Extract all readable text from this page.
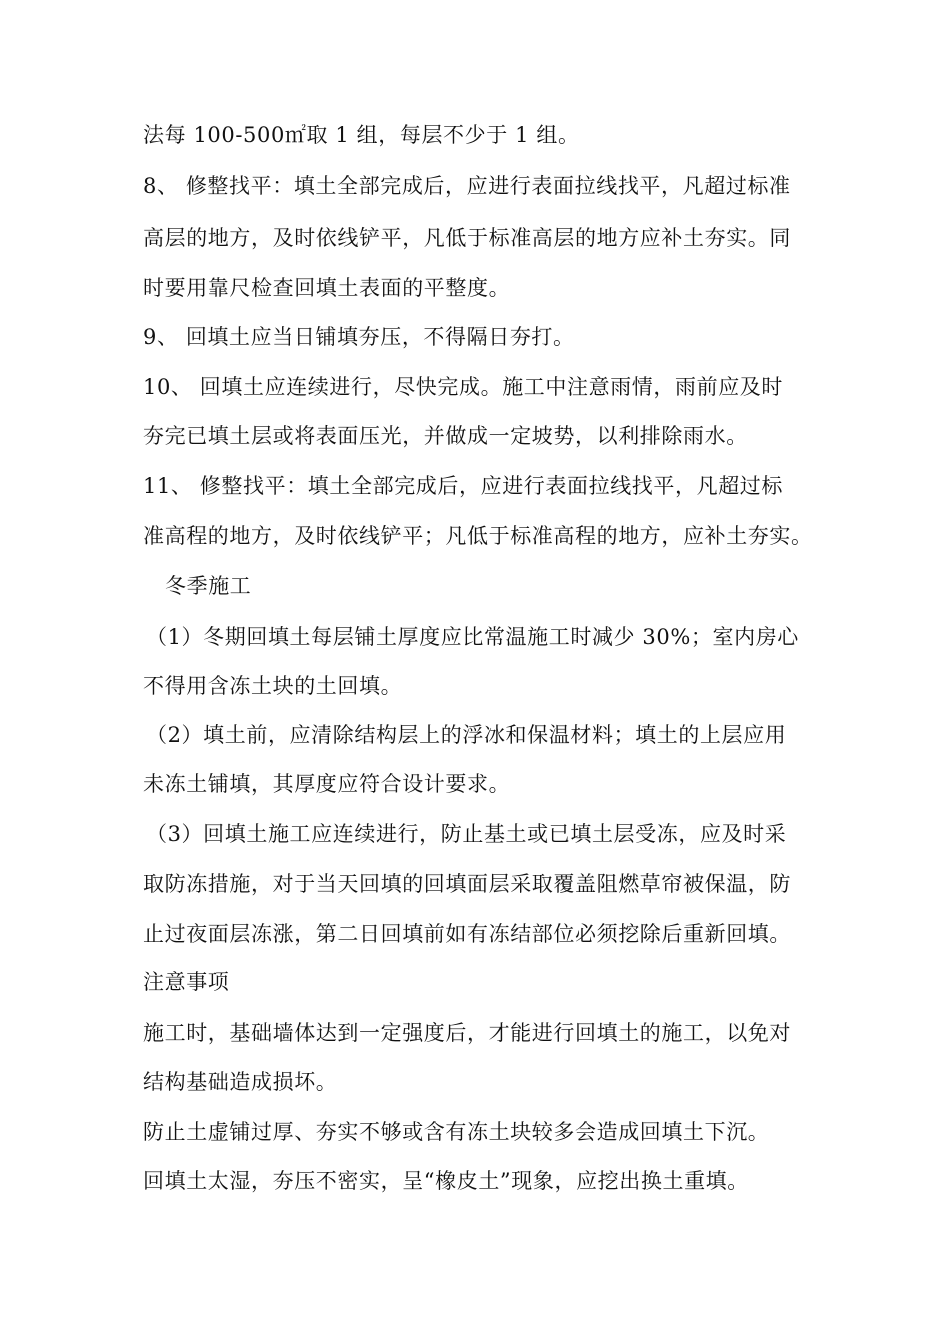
法每 100-500㎡取 1 组，每层不少于 1 组。
8、 修整找平：填土全部完成后，应进行表面拉线找平，凡超过标准
高层的地方，及时依线铲平，凡低于标准高层的地方应补土夯实。同
时要用靠尺检查回填土表面的平整度。
9、 回填土应当日铺填夯压，不得隔日夯打。
10、 回填土应连续进行，尽快完成。施工中注意雨情，雨前应及时
夯完已填土层或将表面压光，并做成一定坡势，以利排除雨水。
11、 修整找平：填土全部完成后，应进行表面拉线找平，凡超过标
准高程的地方，及时依线铲平；凡低于标准高程的地方，应补土夯实。
冬季施工
（1）冬期回填土每层铺土厚度应比常温施工时减少 30%；室内房心
不得用含冻土块的土回填。
（2）填土前，应清除结构层上的浮冰和保温材料；填土的上层应用
未冻土铺填，其厚度应符合设计要求。
（3）回填土施工应连续进行，防止基土或已填土层受冻，应及时采
取防冻措施，对于当天回填的回填面层采取覆盖阻燃草帘被保温，防
止过夜面层冻涨，第二日回填前如有冻结部位必须挖除后重新回填。
注意事项
施工时，基础墙体达到一定强度后，才能进行回填土的施工，以免对
结构基础造成损坏。
防止土虚铺过厚、夯实不够或含有冻土块较多会造成回填土下沉。
回填土太湿，夯压不密实，呈“橡皮土”现象，应挖出换土重填。
